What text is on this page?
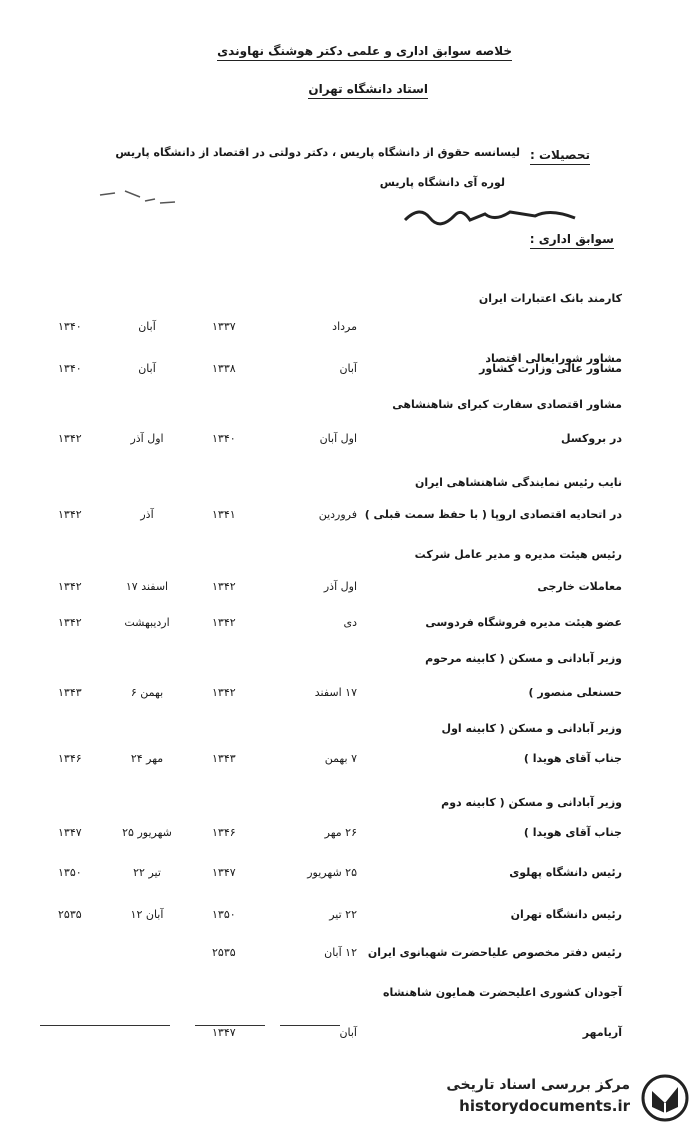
خلاصه سوابق اداری و علمی دکتر هوشنگ نهاوندی
استاد دانشگاه تهران
تحصیلات :
لیسانسه حقوق از دانشگاه پاریس ، دکتر دولتی در اقتصاد از دانشگاه پاریس
لوره آی دانشگاه پاریس
سوابق اداری :
کارمند بانک اعتبارات ایران
مرداد
۱۳۳۷
آبان
۱۳۴۰
مشاور شورایعالی اقتصاد
مشاور عالی وزارت کشاور
آبان
۱۳۳۸
آبان
۱۳۴۰
مشاور اقتصادی سفارت کبرای شاهنشاهی
در بروکسل
اول آبان
۱۳۴۰
اول آذر
۱۳۴۲
نایب رئیس نمایندگی شاهنشاهی ایران
در اتحادیه اقتصادی اروپا ( با حفظ سمت قبلی )
فروردین
۱۳۴۱
آذر
۱۳۴۲
رئیس هیئت مدیره و مدیر عامل شرکت
معاملات خارجی
اول آذر
۱۳۴۲
۱۷ اسفند
۱۳۴۲
عضو هیئت مدیره فروشگاه فردوسی
دی
۱۳۴۲
اردیبهشت
۱۳۴۲
وزیر آبادانی و مسکن ( کابینه مرحوم
حسنعلی منصور )
۱۷ اسفند
۱۳۴۲
۶ بهمن
۱۳۴۳
وزیر آبادانی و مسکن ( کابینه اول
جناب آقای هویدا )
۷ بهمن
۱۳۴۳
۲۴ مهر
۱۳۴۶
وزیر آبادانی و مسکن ( کابینه دوم
جناب آقای هویدا )
۲۶ مهر
۱۳۴۶
۲۵ شهریور
۱۳۴۷
رئیس دانشگاه پهلوی
۲۵ شهریور
۱۳۴۷
۲۲ تیر
۱۳۵۰
رئیس دانشگاه تهران
۲۲ تیر
۱۳۵۰
۱۲ آبان
۲۵۳۵
رئیس دفتر مخصوص علیاحضرت شهبانوی ایران
۱۲ آبان
۲۵۳۵
آجودان کشوری اعلیحضرت همایون شاهنشاه
آریامهر
آبان
۱۳۴۷
مرکز بررسی اسناد تاریخی
historydocuments.ir
